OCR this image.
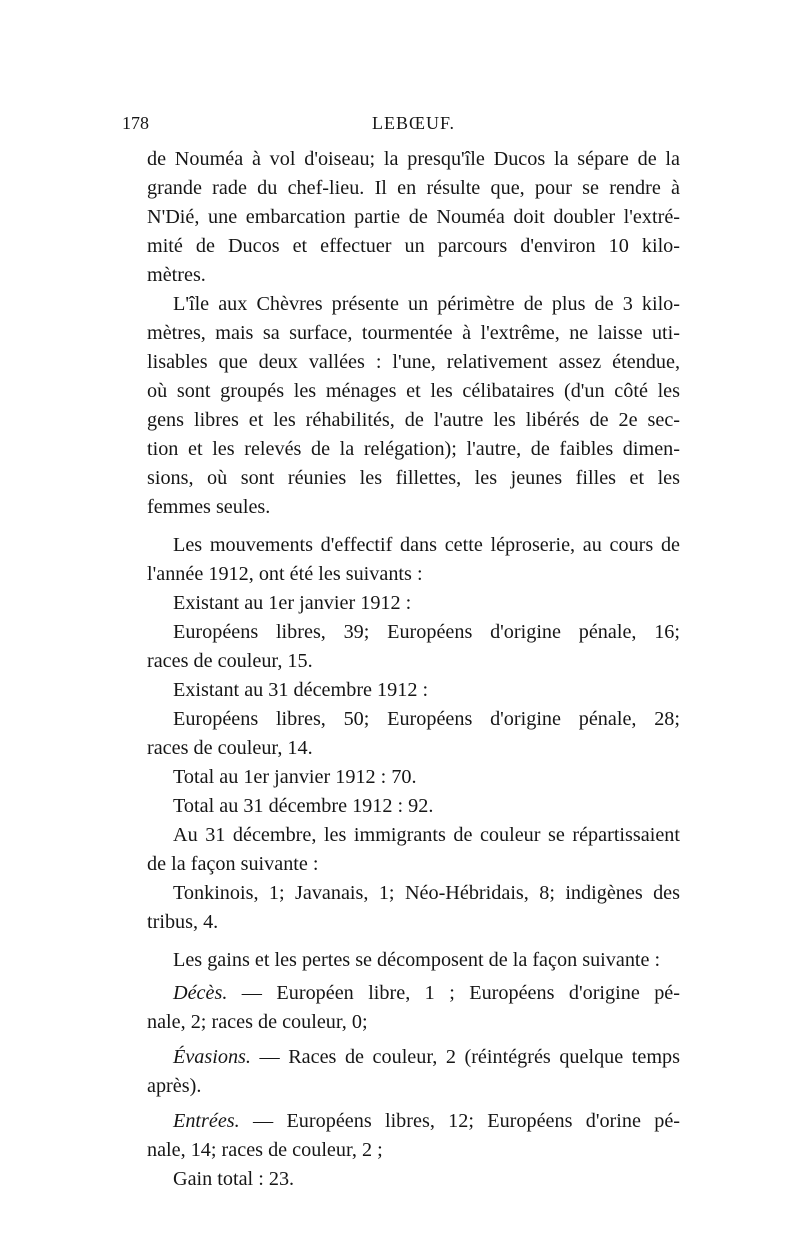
178	LEBŒUF.

de Nouméa à vol d'oiseau; la presqu'île Ducos la sépare de la
grande rade du chef-lieu. Il en résulte que, pour se rendre à
N'Dié, une embarcation partie de Nouméa doit doubler l'extré-
mité de Ducos et effectuer un parcours d'environ 10 kilo-
mètres.

L'île aux Chèvres présente un périmètre de plus de 3 kilo-
mètres, mais sa surface, tourmentée à l'extrême, ne laisse uti-
lisables que deux vallées : l'une, relativement assez étendue,
où sont groupés les ménages et les célibataires (d'un côté les
gens libres et les réhabilités, de l'autre les libérés de 2e sec-
tion et les relevés de la relégation); l'autre, de faibles dimen-
sions, où sont réunies les fillettes, les jeunes filles et les
femmes seules.

Les mouvements d'effectif dans cette léproserie, au cours de
l'année 1912, ont été les suivants :

Existant au 1er janvier 1912 :

Européens libres, 39; Européens d'origine pénale, 16;
races de couleur, 15.

Existant au 31 décembre 1912 :

Européens libres, 50; Européens d'origine pénale, 28;
races de couleur, 14.

Total au 1er janvier 1912 : 70.

Total au 31 décembre 1912 : 92.

Au 31 décembre, les immigrants de couleur se répartissaient
de la façon suivante :

Tonkinois, 1; Javanais, 1; Néo-Hébridais, 8; indigènes des
tribus, 4.

Les gains et les pertes se décomposent de la façon suivante :

Décès. — Européen libre, 1 ; Européens d'origine pé-
nale, 2; races de couleur, 0;

Évasions. — Races de couleur, 2 (réintégrés quelque temps
après).

Entrées. — Européens libres, 12; Européens d'orine pé-
nale, 14; races de couleur, 2 ;

Gain total : 23.
